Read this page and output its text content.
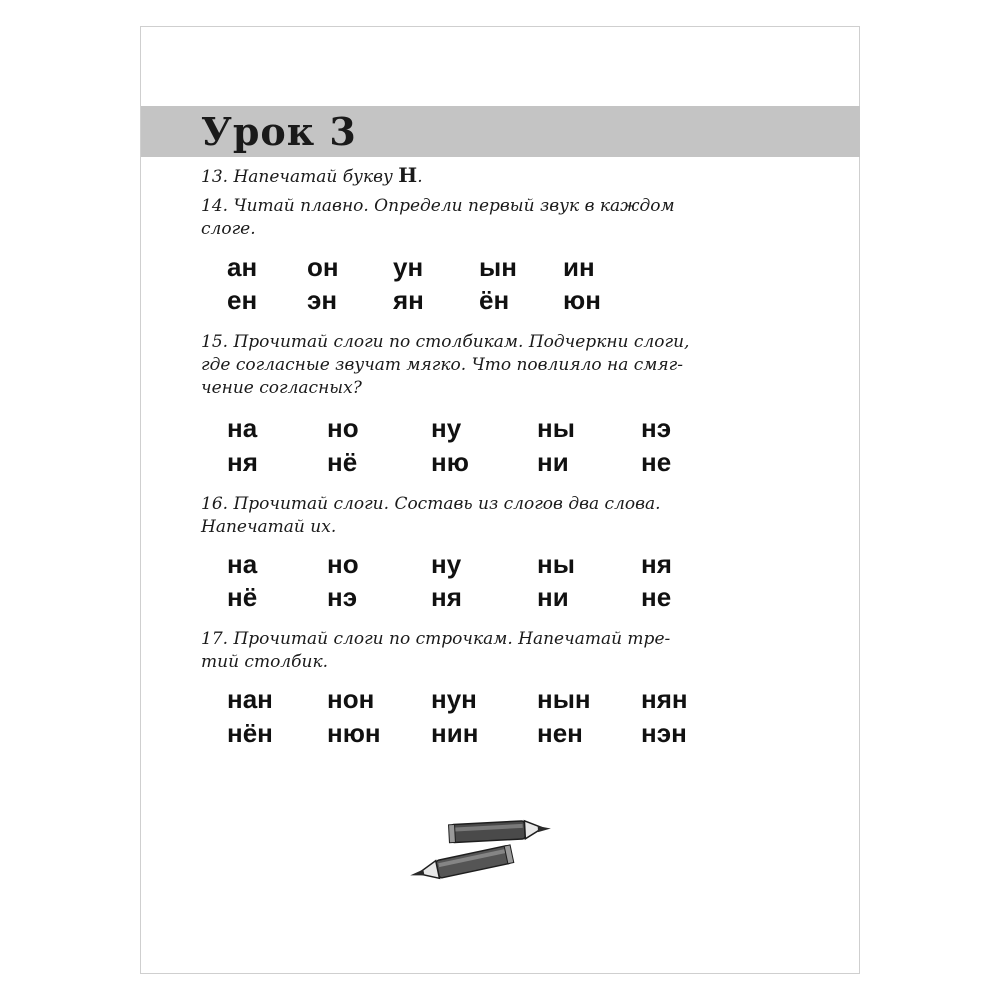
Урок 3

13. Напечатай букву Н.

14. Читай плавно. Определи первый звук в каждом
слоге.

ан он ун ын ин
ен эн ян ён юн

15. Прочитай слоги по столбикам. Подчеркни слоги,
где согласные звучат мягко. Что повлияло на смяг-
чение согласных?

на	но	ну	ны	нэ
ня	нё	ню	ни	не

16. Прочитай слоги. Составь из слогов два слова.
Напечатай их.

на	но	ну	ны	ня
нё	нэ	ня	ни	не

17. Прочитай слоги по строчкам. Напечатай тре-
тий столбик.

нан нон нун нын нян
нён нюн нин нен нэн
